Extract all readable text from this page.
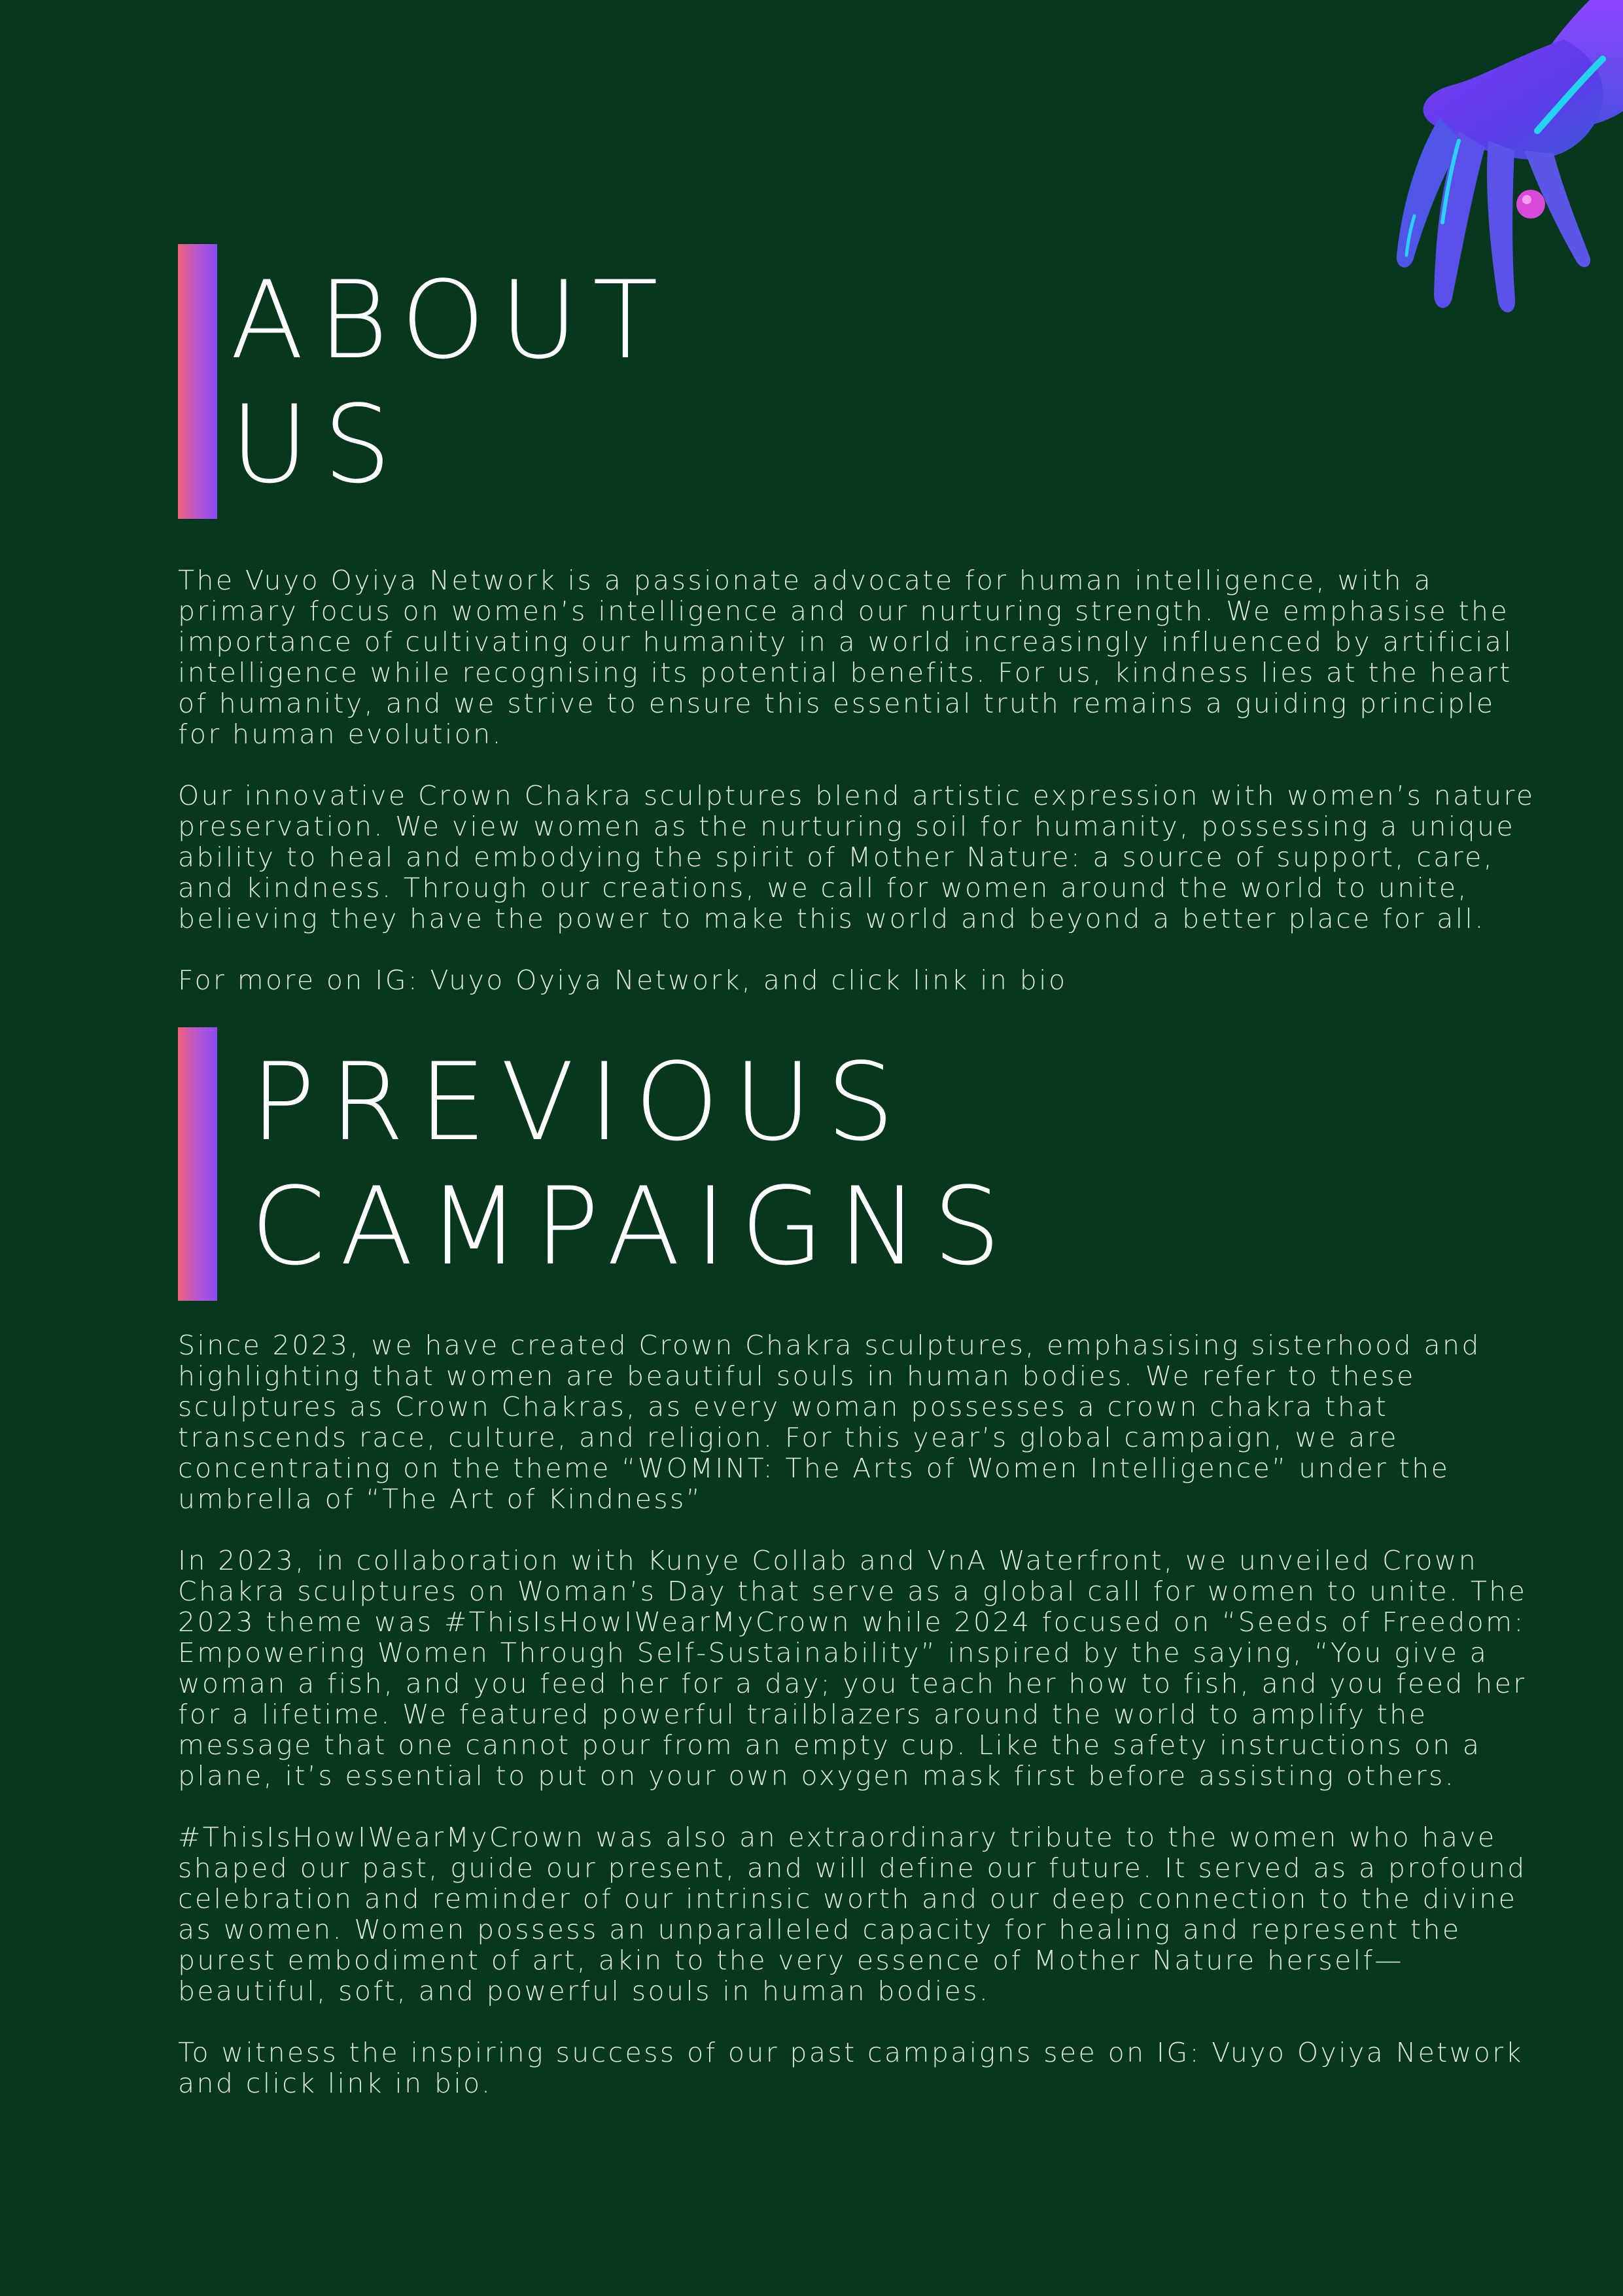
ABOUT
US

The Vuyo Oyiya Network is a passionate advocate for human intelligence, with a primary focus on women’s intelligence and our nurturing strength. We emphasise the importance of cultivating our humanity in a world increasingly influenced by artificial intelligence while recognising its potential benefits. For us, kindness lies at the heart of humanity, and we strive to ensure this essential truth remains a guiding principle for human evolution.

Our innovative Crown Chakra sculptures blend artistic expression with women’s nature preservation. We view women as the nurturing soil for humanity, possessing a unique ability to heal and embodying the spirit of Mother Nature: a source of support, care, and kindness. Through our creations, we call for women around the world to unite, believing they have the power to make this world and beyond a better place for all.

For more on IG: Vuyo Oyiya Network, and click link in bio

PREVIOUS
CAMPAIGNS

Since 2023, we have created Crown Chakra sculptures, emphasising sisterhood and highlighting that women are beautiful souls in human bodies. We refer to these sculptures as Crown Chakras, as every woman possesses a crown chakra that transcends race, culture, and religion. For this year’s global campaign, we are concentrating on the theme “WOMINT: The Arts of Women Intelligence” under the umbrella of “The Art of Kindness”

In 2023, in collaboration with Kunye Collab and VnA Waterfront, we unveiled Crown Chakra sculptures on Woman’s Day that serve as a global call for women to unite. The 2023 theme was #ThisIsHowIWearMyCrown while 2024 focused on “Seeds of Freedom: Empowering Women Through Self-Sustainability” inspired by the saying, “You give a woman a fish, and you feed her for a day; you teach her how to fish, and you feed her for a lifetime. We featured powerful trailblazers around the world to amplify the message that one cannot pour from an empty cup. Like the safety instructions on a plane, it’s essential to put on your own oxygen mask first before assisting others.

#ThisIsHowIWearMyCrown was also an extraordinary tribute to the women who have shaped our past, guide our present, and will define our future. It served as a profound celebration and reminder of our intrinsic worth and our deep connection to the divine as women. Women possess an unparalleled capacity for healing and represent the purest embodiment of art, akin to the very essence of Mother Nature herself—beautiful, soft, and powerful souls in human bodies.

To witness the inspiring success of our past campaigns see on IG: Vuyo Oyiya Network and click link in bio.
